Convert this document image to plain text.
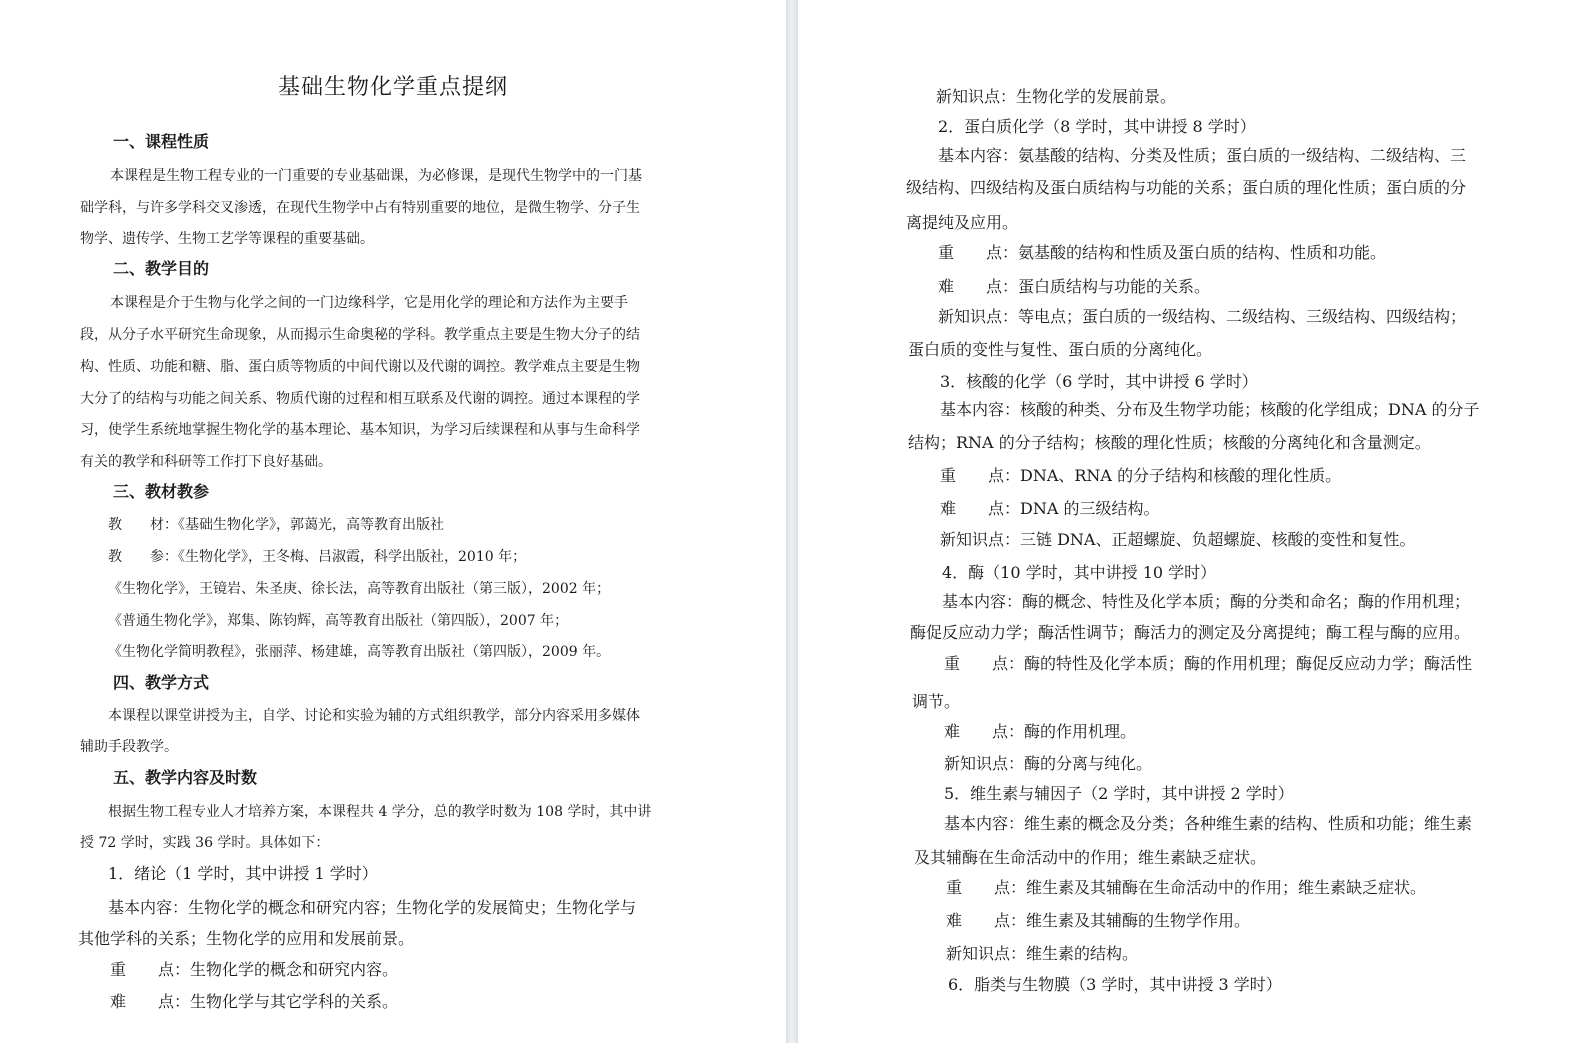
基础生物化学重点提纲
一、课程性质
本课程是生物工程专业的一门重要的专业基础课，为必修课，是现代生物学中的一门基
础学科，与许多学科交叉渗透，在现代生物学中占有特别重要的地位，是微生物学、分子生
物学、遗传学、生物工艺学等课程的重要基础。
二、教学目的
本课程是介于生物与化学之间的一门边缘科学，它是用化学的理论和方法作为主要手
段，从分子水平研究生命现象，从而揭示生命奥秘的学科。教学重点主要是生物大分子的结
构、性质、功能和糖、脂、蛋白质等物质的中间代谢以及代谢的调控。教学难点主要是生物
大分了的结构与功能之间关系、物质代谢的过程和相互联系及代谢的调控。通过本课程的学
习，使学生系统地掌握生物化学的基本理论、基本知识，为学习后续课程和从事与生命科学
有关的教学和科研等工作打下良好基础。
三、教材教参
教　　材：《基础生物化学》，郭蔼光，高等教育出版社
教　　参：《生物化学》，王冬梅、吕淑霞，科学出版社，2010 年；
《生物化学》，王镜岩、朱圣庚、徐长法，高等教育出版社（第三版），2002 年；
《普通生物化学》，郑集、陈钧辉，高等教育出版社（第四版），2007 年；
《生物化学简明教程》，张丽萍、杨建雄，高等教育出版社（第四版），2009 年。
四、教学方式
本课程以课堂讲授为主，自学、讨论和实验为辅的方式组织教学，部分内容采用多媒体
辅助手段教学。
五、教学内容及时数
根据生物工程专业人才培养方案，本课程共 4 学分，总的教学时数为 108 学时，其中讲
授 72 学时，实践 36 学时。具体如下：
1．绪论（1 学时，其中讲授 1 学时）
基本内容：生物化学的概念和研究内容；生物化学的发展简史；生物化学与
其他学科的关系；生物化学的应用和发展前景。
重　　点：生物化学的概念和研究内容。
难　　点：生物化学与其它学科的关系。
新知识点：生物化学的发展前景。
2．蛋白质化学（8 学时，其中讲授 8 学时）
基本内容：氨基酸的结构、分类及性质；蛋白质的一级结构、二级结构、三
级结构、四级结构及蛋白质结构与功能的关系；蛋白质的理化性质；蛋白质的分
离提纯及应用。
重　　点：氨基酸的结构和性质及蛋白质的结构、性质和功能。
难　　点：蛋白质结构与功能的关系。
新知识点：等电点；蛋白质的一级结构、二级结构、三级结构、四级结构；
蛋白质的变性与复性、蛋白质的分离纯化。
3．核酸的化学（6 学时，其中讲授 6 学时）
基本内容：核酸的种类、分布及生物学功能；核酸的化学组成；DNA 的分子
结构；RNA 的分子结构；核酸的理化性质；核酸的分离纯化和含量测定。
重　　点：DNA、RNA 的分子结构和核酸的理化性质。
难　　点：DNA 的三级结构。
新知识点：三链 DNA、正超螺旋、负超螺旋、核酸的变性和复性。
4．酶（10 学时，其中讲授 10 学时）
基本内容：酶的概念、特性及化学本质；酶的分类和命名；酶的作用机理；
酶促反应动力学；酶活性调节；酶活力的测定及分离提纯；酶工程与酶的应用。
重　　点：酶的特性及化学本质；酶的作用机理；酶促反应动力学；酶活性
调节。
难　　点：酶的作用机理。
新知识点：酶的分离与纯化。
5．维生素与辅因子（2 学时，其中讲授 2 学时）
基本内容：维生素的概念及分类；各种维生素的结构、性质和功能；维生素
及其辅酶在生命活动中的作用；维生素缺乏症状。
重　　点：维生素及其辅酶在生命活动中的作用；维生素缺乏症状。
难　　点：维生素及其辅酶的生物学作用。
新知识点：维生素的结构。
6．脂类与生物膜（3 学时，其中讲授 3 学时）
